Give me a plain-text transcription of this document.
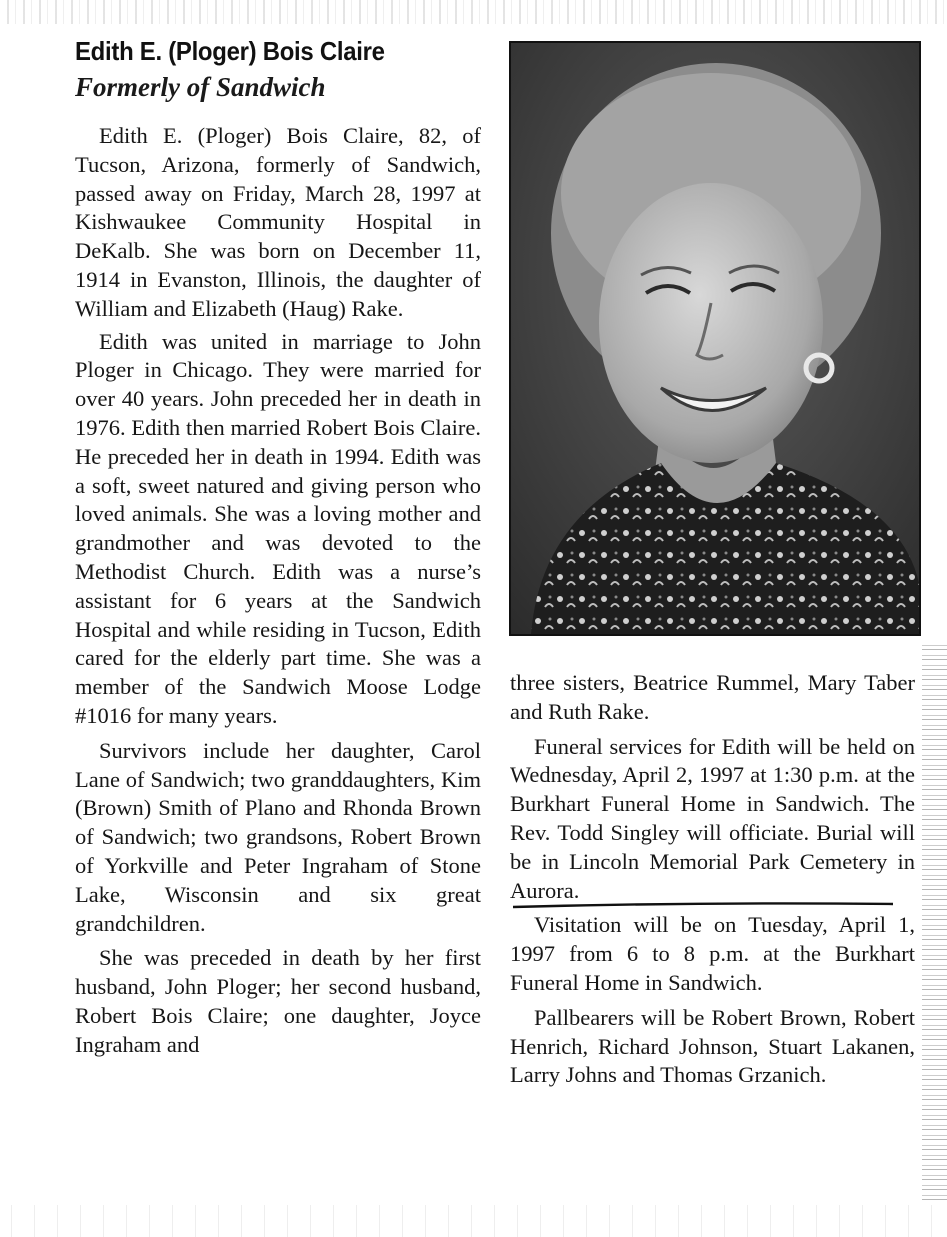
Edith E. (Ploger) Bois Claire
Formerly of Sandwich

Edith E. (Ploger) Bois Claire, 82, of Tucson, Arizona, formerly of Sandwich, passed away on Friday, March 28, 1997 at Kishwaukee Community Hospital in DeKalb. She was born on December 11, 1914 in Evanston, Illinois, the daughter of William and Elizabeth (Haug) Rake.

Edith was united in marriage to John Ploger in Chicago. They were married for over 40 years. John preceded her in death in 1976. Edith then married Robert Bois Claire. He preceded her in death in 1994. Edith was a soft, sweet natured and giving person who loved animals. She was a loving mother and grandmother and was devoted to the Methodist Church. Edith was a nurse’s assistant for 6 years at the Sandwich Hospital and while residing in Tucson, Edith cared for the elderly part time. She was a member of the Sandwich Moose Lodge #1016 for many years.

Survivors include her daughter, Carol Lane of Sandwich; two granddaughters, Kim (Brown) Smith of Plano and Rhonda Brown of Sandwich; two grandsons, Robert Brown of Yorkville and Peter Ingraham of Stone Lake, Wisconsin and six great grandchildren.

She was preceded in death by her first husband, John Ploger; her second husband, Robert Bois Claire; one daughter, Joyce Ingraham and

three sisters, Beatrice Rummel, Mary Taber and Ruth Rake.

Funeral services for Edith will be held on Wednesday, April 2, 1997 at 1:30 p.m. at the Burkhart Funeral Home in Sandwich. The Rev. Todd Singley will officiate. Burial will be in Lincoln Memorial Park Cemetery in Aurora.

Visitation will be on Tuesday, April 1, 1997 from 6 to 8 p.m. at the Burkhart Funeral Home in Sandwich.

Pallbearers will be Robert Brown, Robert Henrich, Richard Johnson, Stuart Lakanen, Larry Johns and Thomas Grzanich.
